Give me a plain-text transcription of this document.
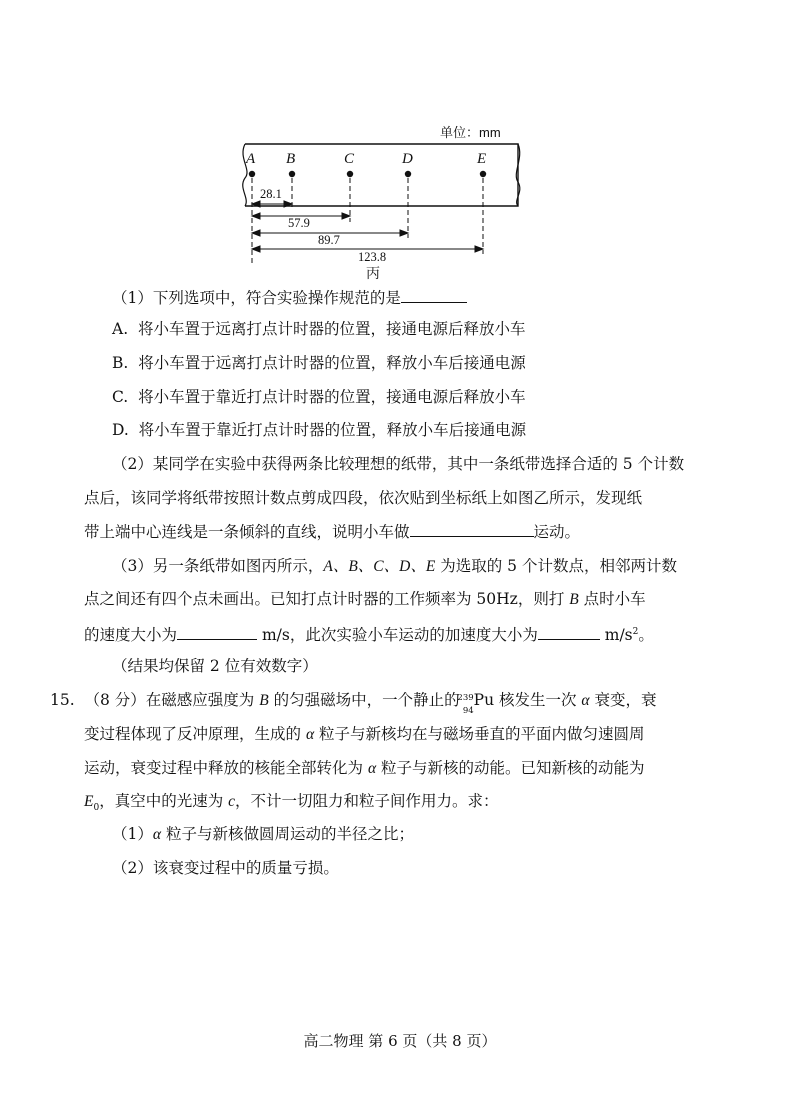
单位：mm
A B	C	D	E
28.1
57.9
89.7
123.8
丙
（1）下列选项中，符合实验操作规范的是
A. 将小车置于远离打点计时器的位置，接通电源后释放小车
B. 将小车置于远离打点计时器的位置，释放小车后接通电源
C. 将小车置于靠近打点计时器的位置，接通电源后释放小车
D. 将小车置于靠近打点计时器的位置，释放小车后接通电源
（2）某同学在实验中获得两条比较理想的纸带，其中一条纸带选择合适的 5 个计数
点后，该同学将纸带按照计数点剪成四段，依次贴到坐标纸上如图乙所示，发现纸
带上端中心连线是一条倾斜的直线，说明小车做	运动。
（3）另一条纸带如图丙所示，A、B、C、D、E 为选取的 5 个计数点，相邻两计数
点之间还有四个点未画出。已知打点计时器的工作频率为 50Hz，则打 B 点时小车
的速度大小为	m/s，此次实验小车运动的加速度大小为	$m/s^2$。
（结果均保留 2 位有效数字）
15. （8 分）在磁感应强度为 B 的匀强磁场中，一个静止的
239
94
Pu 核发生一次 α 衰变，衰
变过程体现了反冲原理，生成的 α 粒子与新核均在与磁场垂直的平面内做匀速圆周
运动，衰变过程中释放的核能全部转化为 α 粒子与新核的动能。已知新核的动能为
$E_0$，真空中的光速为 c，不计一切阻力和粒子间作用力。求：
（1）α 粒子与新核做圆周运动的半径之比；
（2）该衰变过程中的质量亏损。
高二物理 第 6 页（共 8 页）
